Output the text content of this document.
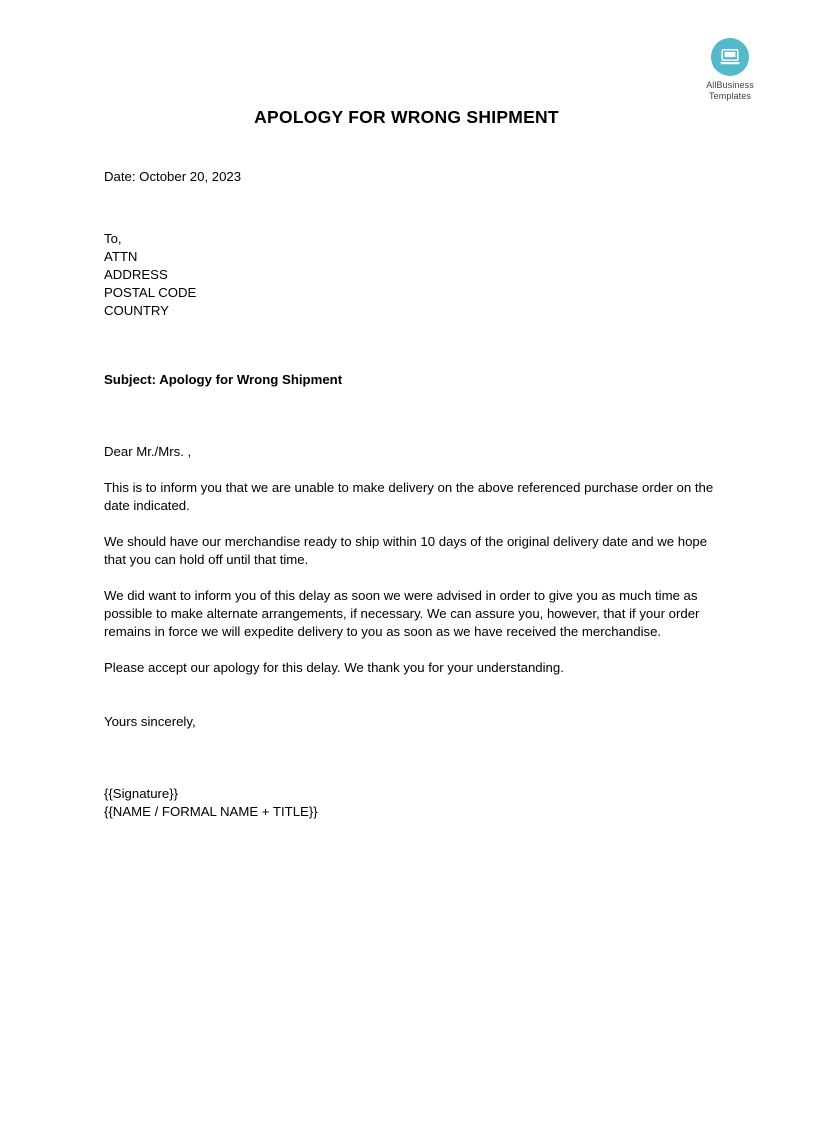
AllBusiness
Templates
APOLOGY FOR WRONG SHIPMENT

Date: October 20, 2023

To,
ATTN
ADDRESS
POSTAL CODE
COUNTRY

Subject: Apology for Wrong Shipment

Dear Mr./Mrs. ,

This is to inform you that we are unable to make delivery on the above referenced purchase order on the date indicated.

We should have our merchandise ready to ship within 10 days of the original delivery date and we hope that you can hold off until that time.

We did want to inform you of this delay as soon we were advised in order to give you as much time as possible to make alternate arrangements, if necessary. We can assure you, however, that if your order remains in force we will expedite delivery to you as soon as we have received the merchandise.

Please accept our apology for this delay. We thank you for your understanding.

Yours sincerely,

{{Signature}}
{{NAME / FORMAL NAME + TITLE}}
